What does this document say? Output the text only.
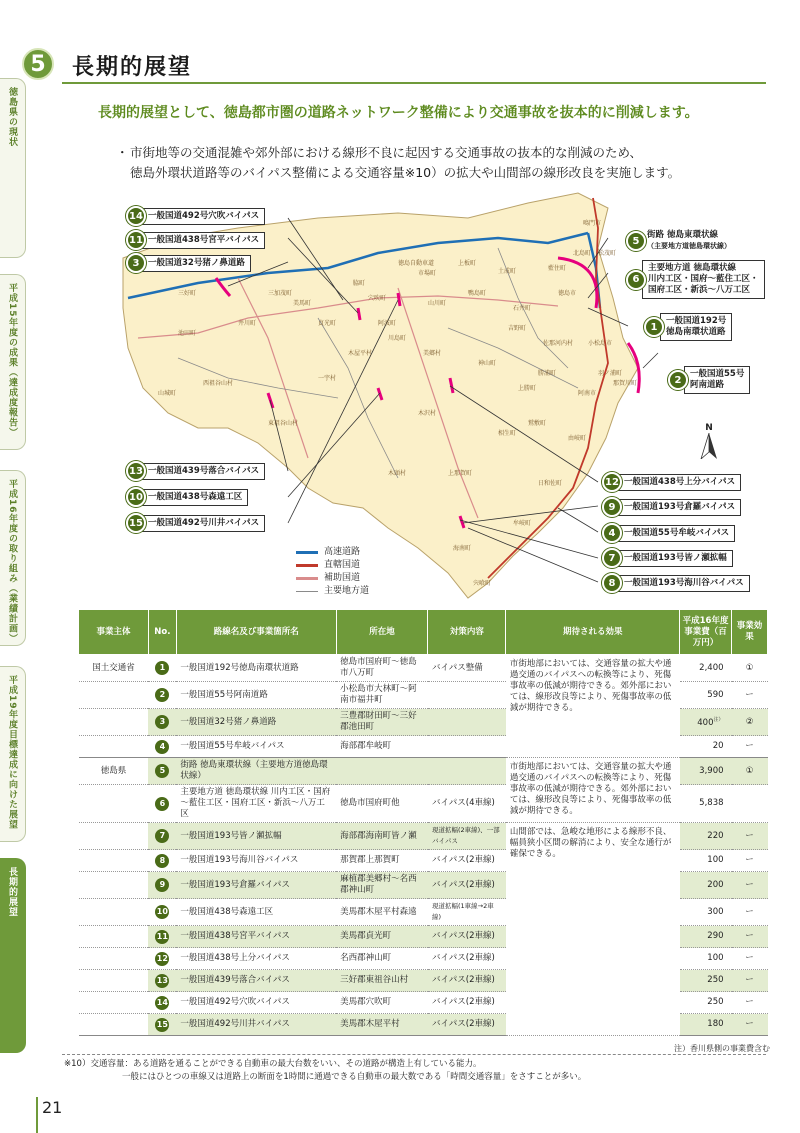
徳島県の現状
平成15年度の成果（達成度報告）
平成16年度の取り組み（業績計画）
平成19年度目標達成に向けた展望
長期的展望
5	長期的展望
長期的展望として、徳島都市圏の道路ネットワーク整備により交通事故を抜本的に削減します。
・ 市街地等の交通混雑や郊外部における線形不良に起因する交通事故の抜本的な削減のため、
徳島外環状道路等のバイパス整備による交通容量※10）の拡大や山間部の線形改良を実施します。
徳島自動車道
鳴門市
徳島市
小松島市
阿南市
三好町
池田町
美馬町
貞光町
穴吹町
神山町
上勝町
相生町
木沢村
木頭村	上那賀町
牟岐町
海南町
宍喰町
日和佐町
由岐町
鷲敷町
山川町
鴨島町
石井町
藍住町
松茂町
北島町
羽ノ浦町
那賀川町
一宇村
東祖谷山村
西祖谷山村
山城町
井川町
三加茂町
脇町
市場町
上板町
土成町
吉野町
阿波町
川島町
美郷村
佐那河内村
勝浦町
木屋平村
14 一般国道492号穴吹バイパス
11 一般国道438号宮平バイパス
3	一般国道32号猪ノ鼻道路
5
街路 徳島東環状線
（主要地方道徳島環状線）
6
主要地方道 徳島環状線
川内工区・国府～藍住工区・
国府工区・新浜～八万工区
1
一般国道192号
徳島南環状道路
2
一般国道55号
阿南道路
13 一般国道439号落合バイパス
10 一般国道438号森遠工区
15 一般国道492号川井バイパス
12 一般国道438号上分バイパス
9	一般国道193号倉羅バイパス
4	一般国道55号牟岐バイパス
7	一般国道193号皆ノ瀬拡幅
8	一般国道193号海川谷バイパス
高速道路
直轄国道
補助国道
主要地方道
N
事業主体	No.	路線名及び事業箇所名	所在地	対策内容	期待される効果	平成16年度事業費（百万円）	事業効果
国土交通省	1	一般国道192号徳島南環状道路	徳島市国府町～徳島市八万町	バイパス整備	市街地部においては、交通容量の拡大や通過交通のバイパスへの転換等により、死傷事故率の低減が期待できる。郊外部においては、線形改良等により、死傷事故率の低減が期待できる。	2,400	①
	2	一般国道55号阿南道路	小松島市大林町～阿南市福井町			590	ー
	3	一般国道32号猪ノ鼻道路	三豊郡財田町～三好郡池田町			$400^{注)}$	②
	4	一般国道55号牟岐バイパス	海部郡牟岐町			20	ー
徳島県	5	街路 徳島東環状線（主要地方道徳島環状線）			市街地部においては、交通容量の拡大や通過交通のバイパスへの転換等により、死傷事故率の低減が期待できる。郊外部においては、線形改良等により、死傷事故率の低減が期待できる。	3,900	①
	6	主要地方道 徳島環状線 川内工区・国府～藍住工区・国府工区・新浜～八万工区	徳島市国府町他	バイパス(4車線)		5,838	
	7	一般国道193号皆ノ瀬拡幅	海部郡海南町皆ノ瀬	現道拡幅(2車線)、一部バイパス	山間部では、急峻な地形による線形不良、幅員狭小区間の解消により、安全な通行が確保できる。	220	ー
	8	一般国道193号海川谷バイパス	那賀郡上那賀町	バイパス(2車線)		100	ー
	9	一般国道193号倉羅バイパス	麻植郡美郷村～名西郡神山町	バイパス(2車線)		200	ー
	10	一般国道438号森遠工区	美馬郡木屋平村森遠	現道拡幅(1車線→2車線)		300	ー
	11	一般国道438号宮平バイパス	美馬郡貞光町	バイパス(2車線)		290	ー
	12	一般国道438号上分バイパス	名西郡神山町	バイパス(2車線)		100	ー
	13	一般国道439号落合バイパス	三好郡東祖谷山村	バイパス(2車線)		250	ー
	14	一般国道492号穴吹バイパス	美馬郡穴吹町	バイパス(2車線)		250	ー
	15	一般国道492号川井バイパス	美馬郡木屋平村	バイパス(2車線)		180	ー
注）香川県側の事業費含む
※10）交通容量：ある道路を通ることができる自動車の最大台数をいい、その道路が構造上有している能力。
一般にはひとつの車線又は道路上の断面を1時間に通過できる自動車の最大数である「時間交通容量」をさすことが多い。
21
